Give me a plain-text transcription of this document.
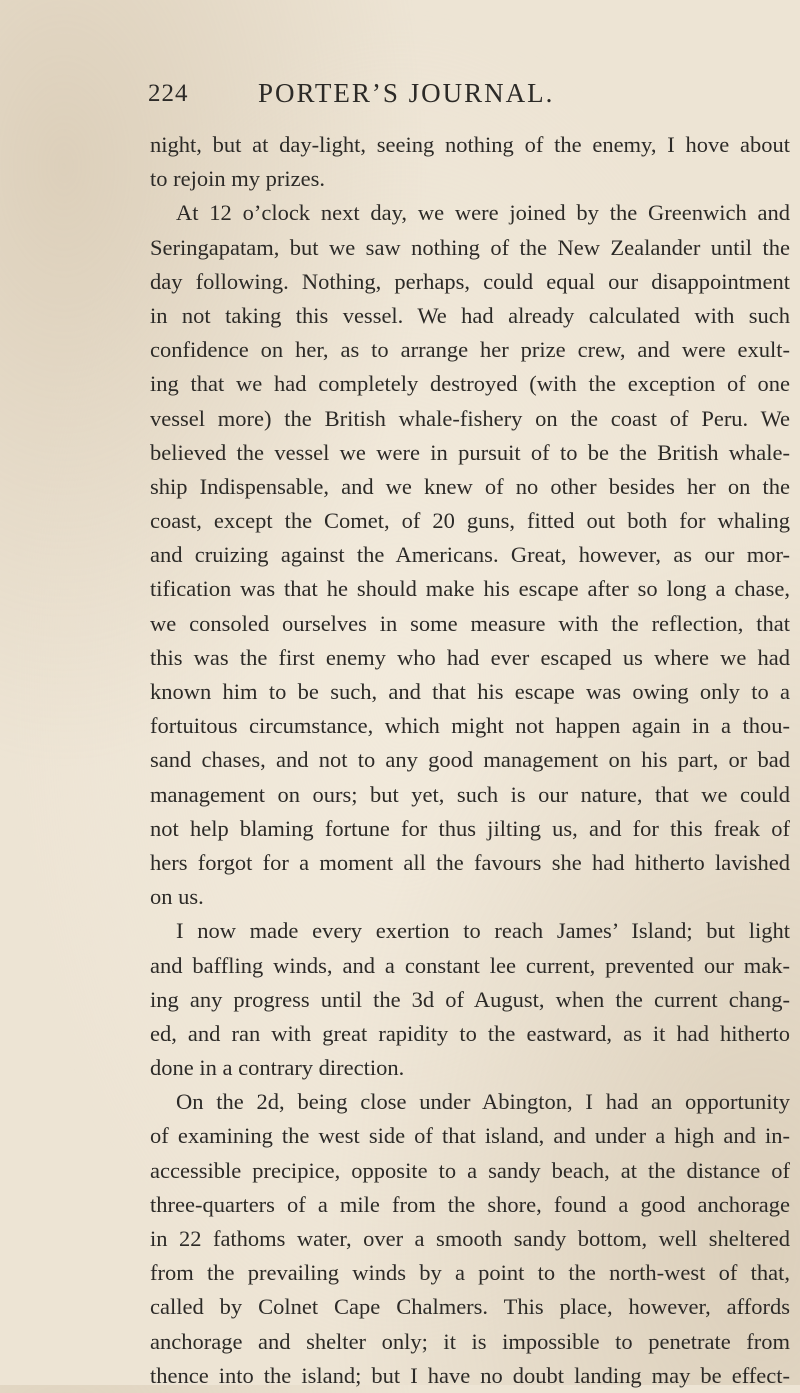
224	PORTER’S JOURNAL.
night, but at day-light, seeing nothing of the enemy, I hove about
to rejoin my prizes.
At 12 o’clock next day, we were joined by the Greenwich and
Seringapatam, but we saw nothing of the New Zealander until the
day following. Nothing, perhaps, could equal our disappointment
in not taking this vessel. We had already calculated with such
confidence on her, as to arrange her prize crew, and were exult-
ing that we had completely destroyed (with the exception of one
vessel more) the British whale-fishery on the coast of Peru. We
believed the vessel we were in pursuit of to be the British whale-
ship Indispensable, and we knew of no other besides her on the
coast, except the Comet, of 20 guns, fitted out both for whaling
and cruizing against the Americans. Great, however, as our mor-
tification was that he should make his escape after so long a chase,
we consoled ourselves in some measure with the reflection, that
this was the first enemy who had ever escaped us where we had
known him to be such, and that his escape was owing only to a
fortuitous circumstance, which might not happen again in a thou-
sand chases, and not to any good management on his part, or bad
management on ours; but yet, such is our nature, that we could
not help blaming fortune for thus jilting us, and for this freak of
hers forgot for a moment all the favours she had hitherto lavished
on us.
I now made every exertion to reach James’ Island; but light
and baffling winds, and a constant lee current, prevented our mak-
ing any progress until the 3d of August, when the current chang-
ed, and ran with great rapidity to the eastward, as it had hitherto
done in a contrary direction.
On the 2d, being close under Abington, I had an opportunity
of examining the west side of that island, and under a high and in-
accessible precipice, opposite to a sandy beach, at the distance of
three-quarters of a mile from the shore, found a good anchorage
in 22 fathoms water, over a smooth sandy bottom, well sheltered
from the prevailing winds by a point to the north-west of that,
called by Colnet Cape Chalmers. This place, however, affords
anchorage and shelter only; it is impossible to penetrate from
thence into the island; but I have no doubt landing may be effect-
